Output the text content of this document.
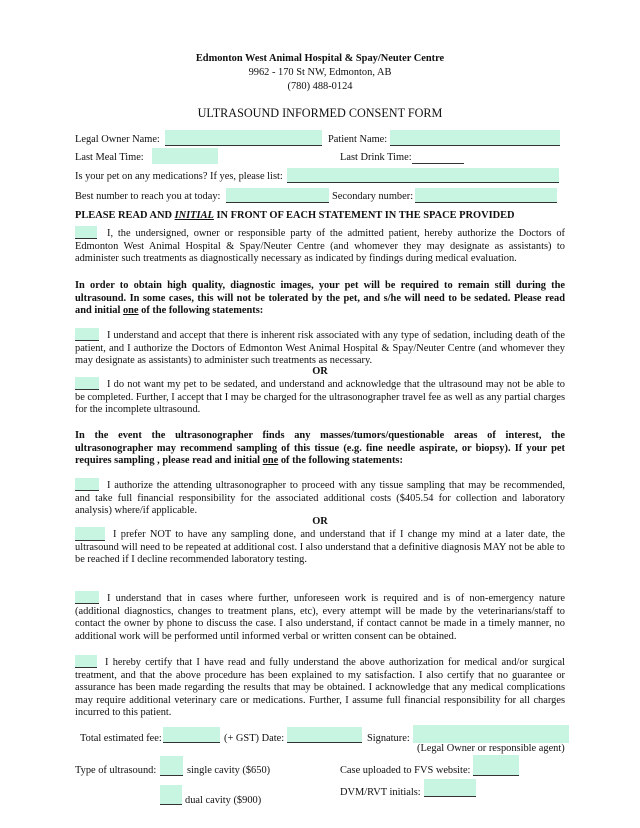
Edmonton West Animal Hospital & Spay/Neuter Centre
9962 - 170 St NW, Edmonton, AB
(780) 488-0124
ULTRASOUND INFORMED CONSENT FORM
Legal Owner Name:	Patient Name:
Last Meal Time:	Last Drink Time:
Is your pet on any medications? If yes, please list:
Best number to reach you at today:	Secondary number:
PLEASE READ AND INITIAL IN FRONT OF EACH STATEMENT IN THE SPACE PROVIDED
I, the undersigned, owner or responsible party of the admitted patient, hereby authorize the Doctors of Edmonton West Animal Hospital & Spay/Neuter Centre (and whomever they may designate as assistants) to administer such treatments as diagnostically necessary as indicated by findings during medical evaluation.
In order to obtain high quality, diagnostic images, your pet will be required to remain still during the ultrasound. In some cases, this will not be tolerated by the pet, and s/he will need to be sedated. Please read and initial one of the following statements:
I understand and accept that there is inherent risk associated with any type of sedation, including death of the patient, and I authorize the Doctors of Edmonton West Animal Hospital & Spay/Neuter Centre (and whomever they may designate as assistants) to administer such treatments as necessary.
OR
I do not want my pet to be sedated, and understand and acknowledge that the ultrasound may not be able to be completed. Further, I accept that I may be charged for the ultrasonographer travel fee as well as any partial charges for the incomplete ultrasound.
In the event the ultrasonographer finds any masses/tumors/questionable areas of interest, the ultrasonographer may recommend sampling of this tissue (e.g. fine needle aspirate, or biopsy). If your pet requires sampling , please read and initial one of the following statements:
I authorize the attending ultrasonographer to proceed with any tissue sampling that may be recommended, and take full financial responsibility for the associated additional costs ($405.54 for collection and laboratory analysis) where/if applicable.
OR
I prefer NOT to have any sampling done, and understand that if I change my mind at a later date, the ultrasound will need to be repeated at additional cost. I also understand that a definitive diagnosis MAY not be able to be reached if I decline recommended laboratory testing.
I understand that in cases where further, unforeseen work is required and is of non-emergency nature (additional diagnostics, changes to treatment plans, etc), every attempt will be made by the veterinarians/staff to contact the owner by phone to discuss the case. I also understand, if contact cannot be made in a timely manner, no additional work will be performed until informed verbal or written consent can be obtained.
I hereby certify that I have read and fully understand the above authorization for medical and/or surgical treatment, and that the above procedure has been explained to my satisfaction. I also certify that no guarantee or assurance has been made regarding the results that may be obtained. I acknowledge that any medical complications may require additional veterinary care or medications. Further, I assume full financial responsibility for all charges incurred to this patient.
Total estimated fee:	(+ GST) Date:	Signature:
(Legal Owner or responsible agent)
Type of ultrasound:	single cavity ($650)	Case uploaded to FVS website:
dual cavity ($900)
DVM/RVT initials:
